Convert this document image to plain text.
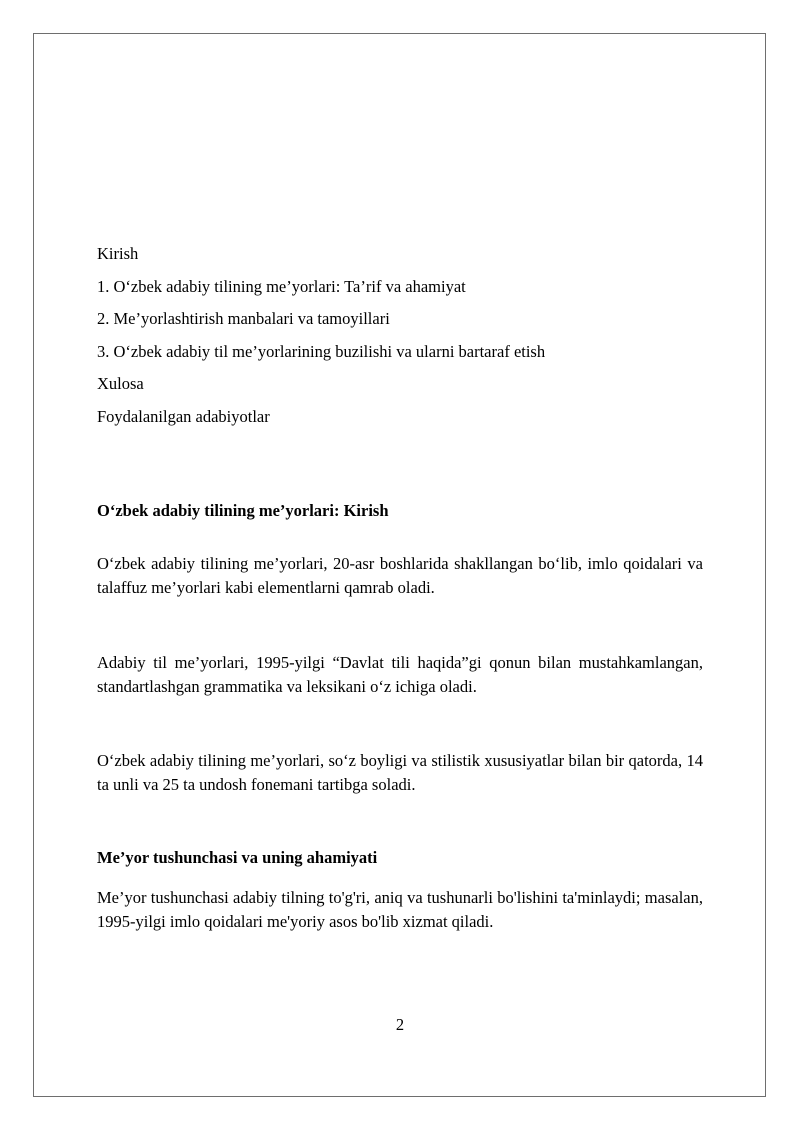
Kirish
1. O‘zbek adabiy tilining me’yorlari: Ta’rif va ahamiyat
2. Me’yorlashtirish manbalari va tamoyillari
3. O‘zbek adabiy til me’yorlarining buzilishi va ularni bartaraf etish
Xulosa
Foydalanilgan adabiyotlar
O‘zbek adabiy tilining me’yorlari: Kirish

O‘zbek adabiy tilining me’yorlari, 20-asr boshlarida shakllangan bo‘lib, imlo qoidalari va talaffuz me’yorlari kabi elementlarni qamrab oladi.

Adabiy til me’yorlari, 1995-yilgi “Davlat tili haqida”gi qonun bilan mustahkamlangan, standartlashgan grammatika va leksikani o‘z ichiga oladi.

O‘zbek adabiy tilining me’yorlari, so‘z boyligi va stilistik xususiyatlar bilan bir qatorda, 14 ta unli va 25 ta undosh fonemani tartibga soladi.

Me’yor tushunchasi va uning ahamiyati

Me’yor tushunchasi adabiy tilning to'g'ri, aniq va tushunarli bo'lishini ta'minlaydi; masalan, 1995-yilgi imlo qoidalari me'yoriy asos bo'lib xizmat qiladi.

2
